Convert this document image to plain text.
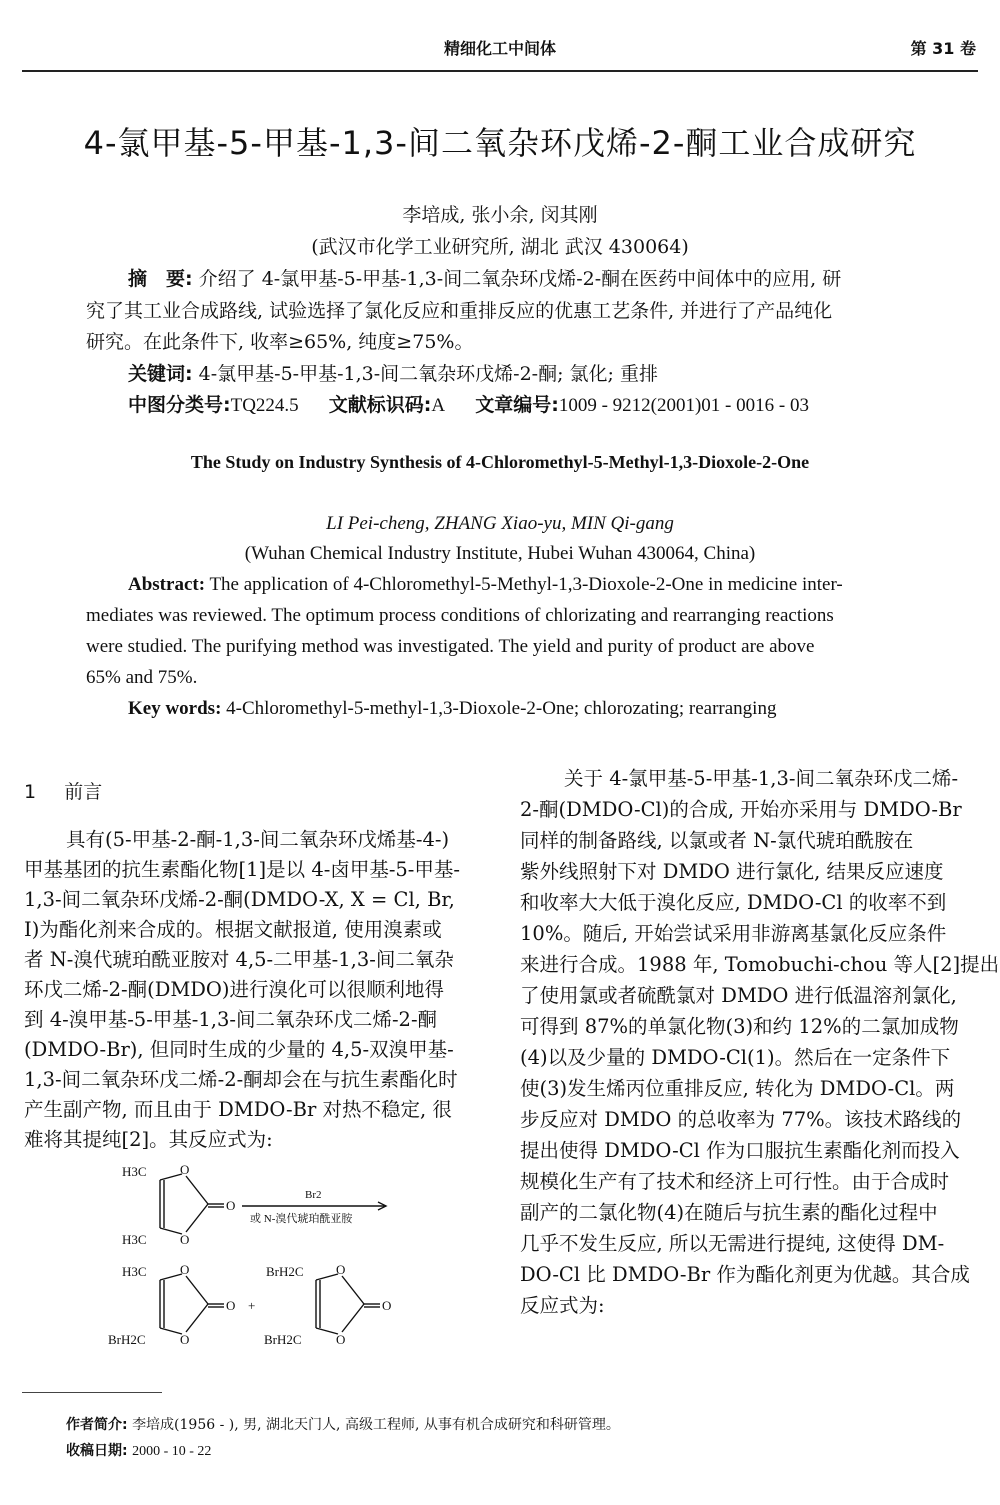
精细化工中间体	第 31 卷
4-氯甲基-5-甲基-1,3-间二氧杂环戊烯-2-酮工业合成研究
李培成, 张小余, 闵其刚
(武汉市化学工业研究所, 湖北 武汉 430064)
摘　要: 介绍了 4-氯甲基-5-甲基-1,3-间二氧杂环戊烯-2-酮在医药中间体中的应用, 研
究了其工业合成路线, 试验选择了氯化反应和重排反应的优惠工艺条件, 并进行了产品纯化
研究。在此条件下, 收率≥65%, 纯度≥75%。
关键词: 4-氯甲基-5-甲基-1,3-间二氧杂环戊烯-2-酮; 氯化; 重排
中图分类号:TQ224.5 文献标识码:A 文章编号:1009 - 9212(2001)01 - 0016 - 03
The Study on Industry Synthesis of 4-Chloromethyl-5-Methyl-1,3-Dioxole-2-One
LI Pei-cheng, ZHANG Xiao-yu, MIN Qi-gang
(Wuhan Chemical Industry Institute, Hubei Wuhan 430064, China)
Abstract: The application of 4-Chloromethyl-5-Methyl-1,3-Dioxole-2-One in medicine inter-
mediates was reviewed. The optimum process conditions of chlorizating and rearranging reactions
were studied. The purifying method was investigated. The yield and purity of product are above
65% and 75%.
Key words: 4-Chloromethyl-5-methyl-1,3-Dioxole-2-One; chlorozating; rearranging
1 前言
具有(5-甲基-2-酮-1,3-间二氧杂环戊烯基-4-)
甲基基团的抗生素酯化物[1]是以 4-卤甲基-5-甲基-
1,3-间二氧杂环戊烯-2-酮(DMDO-X, X = Cl, Br,
I)为酯化剂来合成的。根据文献报道, 使用溴素或
者 N-溴代琥珀酰亚胺对 4,5-二甲基-1,3-间二氧杂
环戊二烯-2-酮(DMDO)进行溴化可以很顺利地得
到 4-溴甲基-5-甲基-1,3-间二氧杂环戊二烯-2-酮
(DMDO-Br), 但同时生成的少量的 4,5-双溴甲基-
1,3-间二氧杂环戊二烯-2-酮却会在与抗生素酯化时
产生副产物, 而且由于 DMDO-Br 对热不稳定, 很
难将其提纯[2]。其反应式为:
H3C	O
O
O
H3C
Br2
或 N-溴代琥珀酰亚胺
H3C	O
O
O
BrH2C
+
BrH2C O
O
O
BrH2C
关于 4-氯甲基-5-甲基-1,3-间二氧杂环戊二烯-
2-酮(DMDO-Cl)的合成, 开始亦采用与 DMDO-Br
同样的制备路线, 以氯或者 N-氯代琥珀酰胺在
紫外线照射下对 DMDO 进行氯化, 结果反应速度
和收率大大低于溴化反应, DMDO-Cl 的收率不到
10%。随后, 开始尝试采用非游离基氯化反应条件
来进行合成。1988 年, Tomobuchi-chou 等人[2]提出
了使用氯或者硫酰氯对 DMDO 进行低温溶剂氯化,
可得到 87%的单氯化物(3)和约 12%的二氯加成物
(4)以及少量的 DMDO-Cl(1)。然后在一定条件下
使(3)发生烯丙位重排反应, 转化为 DMDO-Cl。两
步反应对 DMDO 的总收率为 77%。该技术路线的
提出使得 DMDO-Cl 作为口服抗生素酯化剂而投入
规模化生产有了技术和经济上可行性。由于合成时
副产的二氯化物(4)在随后与抗生素的酯化过程中
几乎不发生反应, 所以无需进行提纯, 这使得 DM-
DO-Cl 比 DMDO-Br 作为酯化剂更为优越。其合成
反应式为:
作者简介: 李培成(1956 - ), 男, 湖北天门人, 高级工程师, 从事有机合成研究和科研管理。
收稿日期: 2000 - 10 - 22
